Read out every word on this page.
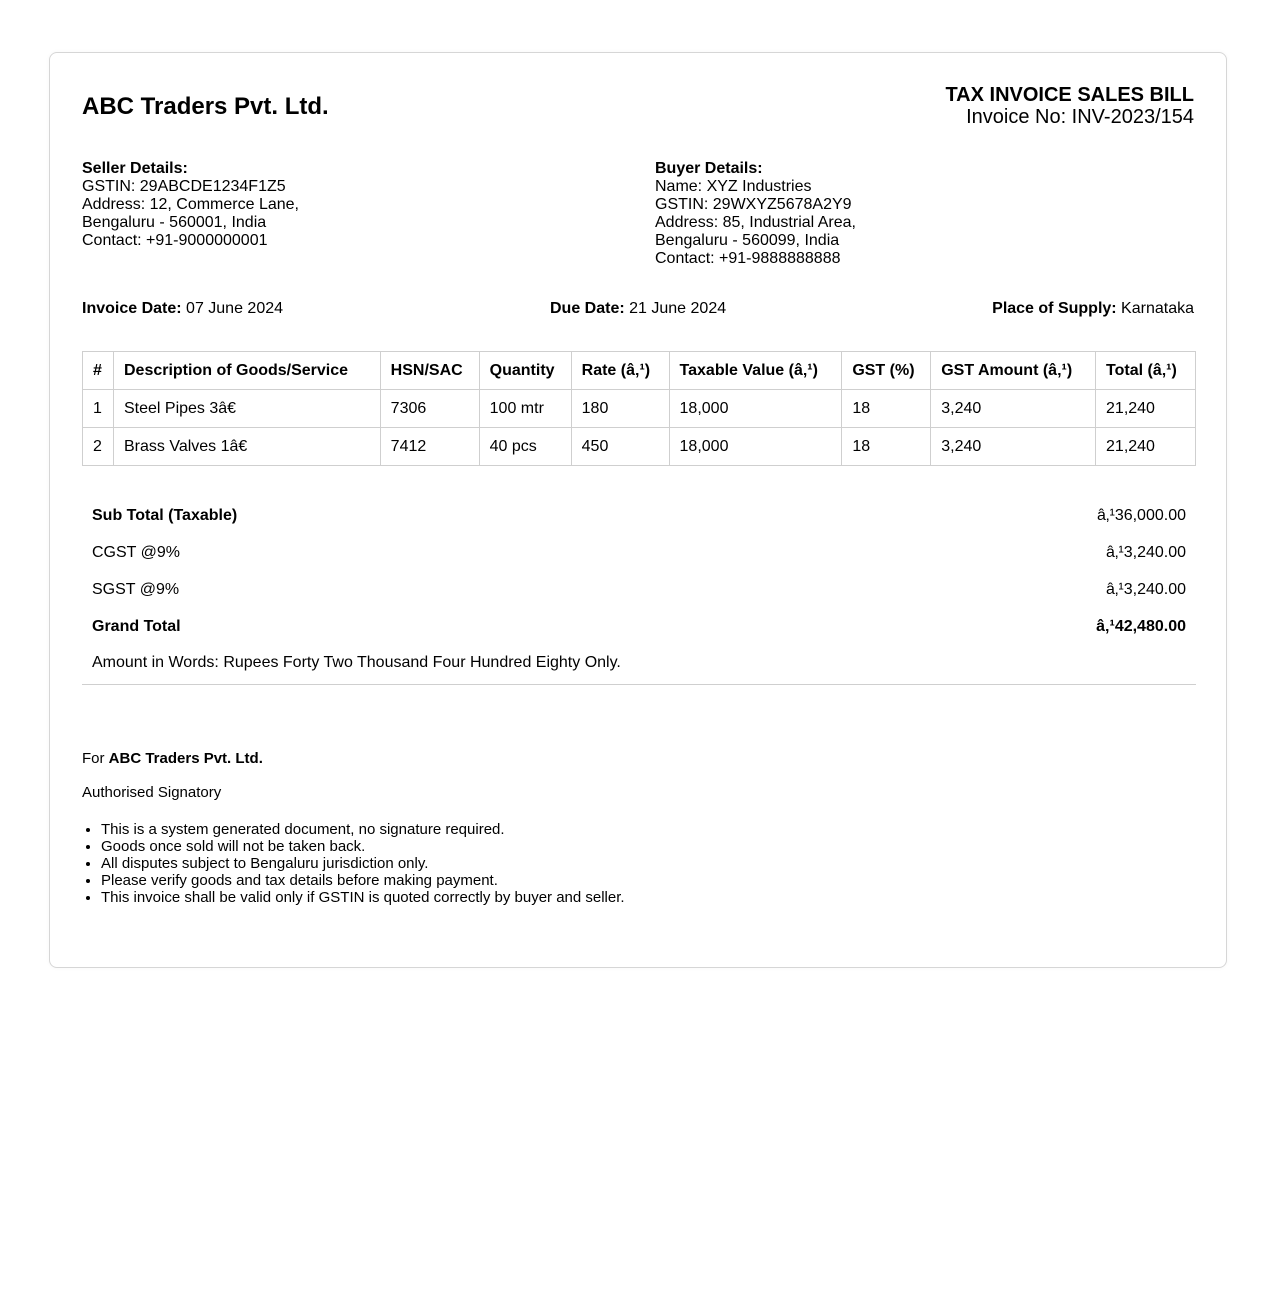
ABC Traders Pvt. Ltd.	TAX INVOICE SALES BILL
Invoice No: INV-2023/154
Seller Details:
GSTIN: 29ABCDE1234F1Z5
Address: 12, Commerce Lane,
Bengaluru - 560001, India
Contact: +91-9000000001
Buyer Details:
Name: XYZ Industries
GSTIN: 29WXYZ5678A2Y9
Address: 85, Industrial Area,
Bengaluru - 560099, India
Contact: +91-9888888888
Invoice Date: 07 June 2024	Due Date: 21 June 2024	Place of Supply: Karnataka
#	Description of Goods/Service	HSN/SAC	Quantity	Rate (â‚¹)	Taxable Value (â‚¹)	GST (%)	GST Amount (â‚¹)	Total (â‚¹)
1	Steel Pipes 3â€	7306	100 mtr	180	18,000	18	3,240	21,240
2	Brass Valves 1â€	7412	40 pcs	450	18,000	18	3,240	21,240
Sub Total (Taxable)	â‚¹36,000.00
CGST @9%	â‚¹3,240.00
SGST @9%	â‚¹3,240.00
Grand Total	â‚¹42,480.00
Amount in Words: Rupees Forty Two Thousand Four Hundred Eighty Only.

For ABC Traders Pvt. Ltd.

Authorised Signatory

• This is a system generated document, no signature required.
• Goods once sold will not be taken back.
• All disputes subject to Bengaluru jurisdiction only.
• Please verify goods and tax details before making payment.
• This invoice shall be valid only if GSTIN is quoted correctly by buyer and seller.
